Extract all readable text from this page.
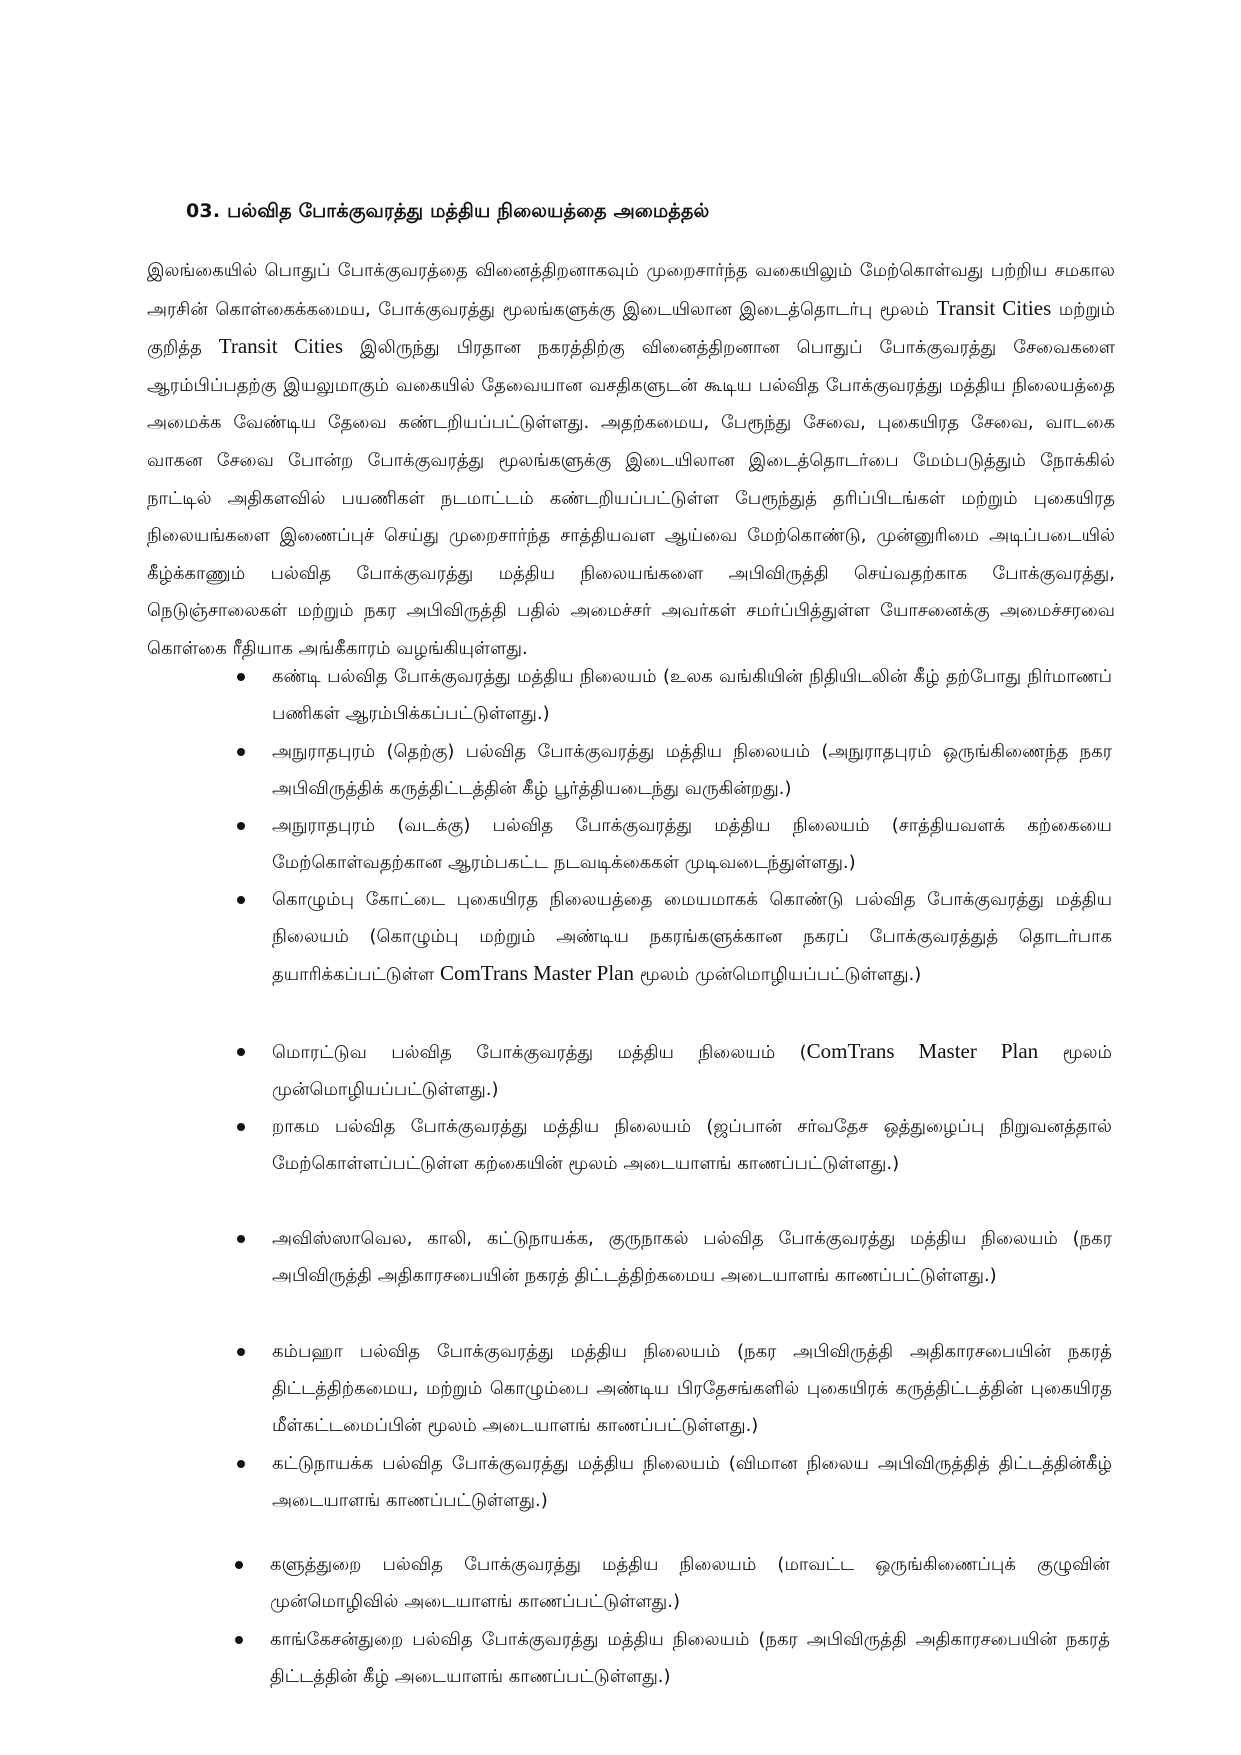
03. பல்வித போக்குவரத்து மத்திய நிலையத்தை அமைத்தல்

இலங்கையில் பொதுப் போக்குவரத்தை வினைத்திறனாகவும் முறைசார்ந்த வகையிலும் மேற்கொள்வது பற்றிய சமகால அரசின் கொள்கைக்கமைய, போக்குவரத்து மூலங்களுக்கு இடையிலான இடைத்தொடர்பு மூலம் Transit Cities மற்றும் குறித்த Transit Cities இலிருந்து பிரதான நகரத்திற்கு வினைத்திறனான பொதுப் போக்குவரத்து சேவைகளை ஆரம்பிப்பதற்கு இயலுமாகும் வகையில் தேவையான வசதிகளுடன் கூடிய பல்வித போக்குவரத்து மத்திய நிலையத்தை அமைக்க வேண்டிய தேவை கண்டறியப்பட்டுள்ளது. அதற்கமைய, பேரூந்து சேவை, புகையிரத சேவை, வாடகை வாகன சேவை போன்ற போக்குவரத்து மூலங்களுக்கு இடையிலான இடைத்தொடர்பை மேம்படுத்தும் நோக்கில் நாட்டில் அதிகளவில் பயணிகள் நடமாட்டம் கண்டறியப்பட்டுள்ள பேரூந்துத் தரிப்பிடங்கள் மற்றும் புகையிரத நிலையங்களை இணைப்புச் செய்து முறைசார்ந்த சாத்தியவள ஆய்வை மேற்கொண்டு, முன்னுரிமை அடிப்படையில் கீழ்க்காணும் பல்வித போக்குவரத்து மத்திய நிலையங்களை அபிவிருத்தி செய்வதற்காக போக்குவரத்து, நெடுஞ்சாலைகள் மற்றும் நகர அபிவிருத்தி பதில் அமைச்சர் அவர்கள் சமர்ப்பித்துள்ள யோசனைக்கு அமைச்சரவை கொள்கை ரீதியாக அங்கீகாரம் வழங்கியுள்ளது.

கண்டி பல்வித போக்குவரத்து மத்திய நிலையம் (உலக வங்கியின் நிதியிடலின் கீழ் தற்போது நிர்மாணப் பணிகள் ஆரம்பிக்கப்பட்டுள்ளது.)
அநுராதபுரம் (தெற்கு) பல்வித போக்குவரத்து மத்திய நிலையம் (அநுராதபுரம் ஒருங்கிணைந்த நகர அபிவிருத்திக் கருத்திட்டத்தின் கீழ் பூர்த்தியடைந்து வருகின்றது.)
அநுராதபுரம் (வடக்கு) பல்வித போக்குவரத்து மத்திய நிலையம் (சாத்தியவளக் கற்கையை மேற்கொள்வதற்கான ஆரம்பகட்ட நடவடிக்கைகள் முடிவடைந்துள்ளது.)
கொழும்பு கோட்டை புகையிரத நிலையத்தை மையமாகக் கொண்டு பல்வித போக்குவரத்து மத்திய நிலையம் (கொழும்பு மற்றும் அண்டிய நகரங்களுக்கான நகரப் போக்குவரத்துத் தொடர்பாக தயாரிக்கப்பட்டுள்ள ComTrans Master Plan மூலம் முன்மொழியப்பட்டுள்ளது.)
மொரட்டுவ பல்வித போக்குவரத்து மத்திய நிலையம் (ComTrans Master Plan மூலம் முன்மொழியப்பட்டுள்ளது.)
றாகம பல்வித போக்குவரத்து மத்திய நிலையம் (ஜப்பான் சர்வதேச ஒத்துழைப்பு நிறுவனத்தால் மேற்கொள்ளப்பட்டுள்ள கற்கையின் மூலம் அடையாளங் காணப்பட்டுள்ளது.)
அவிஸ்ஸாவெல, காலி, கட்டுநாயக்க, குருநாகல் பல்வித போக்குவரத்து மத்திய நிலையம் (நகர அபிவிருத்தி அதிகாரசபையின் நகரத் திட்டத்திற்கமைய அடையாளங் காணப்பட்டுள்ளது.)
கம்பஹா பல்வித போக்குவரத்து மத்திய நிலையம் (நகர அபிவிருத்தி அதிகாரசபையின் நகரத் திட்டத்திற்கமைய, மற்றும் கொழும்பை அண்டிய பிரதேசங்களில் புகையிரக் கருத்திட்டத்தின் புகையிரத மீள்கட்டமைப்பின் மூலம் அடையாளங் காணப்பட்டுள்ளது.)
கட்டுநாயக்க பல்வித போக்குவரத்து மத்திய நிலையம் (விமான நிலைய அபிவிருத்தித் திட்டத்தின்கீழ் அடையாளங் காணப்பட்டுள்ளது.)
களுத்துறை பல்வித போக்குவரத்து மத்திய நிலையம் (மாவட்ட ஒருங்கிணைப்புக் குழுவின் முன்மொழிவில் அடையாளங் காணப்பட்டுள்ளது.)
காங்கேசன்துறை பல்வித போக்குவரத்து மத்திய நிலையம் (நகர அபிவிருத்தி அதிகாரசபையின் நகரத் திட்டத்தின் கீழ் அடையாளங் காணப்பட்டுள்ளது.)
